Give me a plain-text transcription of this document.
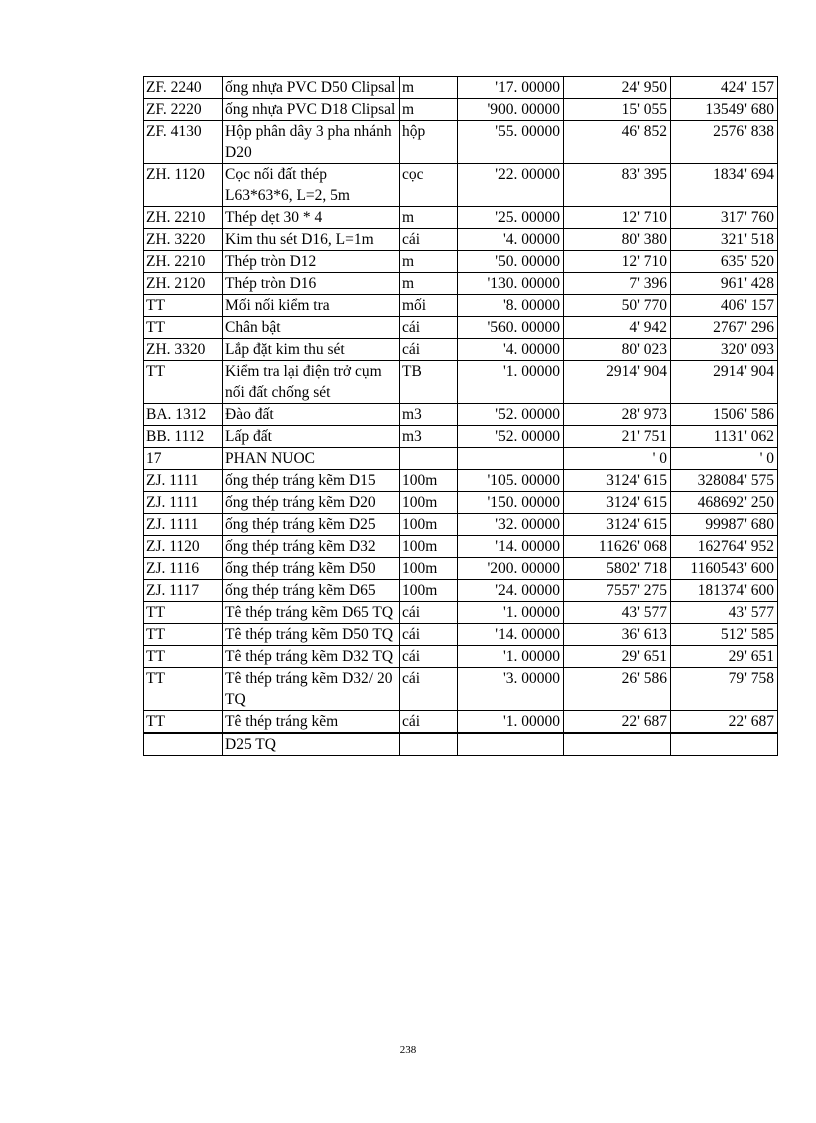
ZF. 2240	ống nhựa PVC D50 Clipsal	m	'17. 00000	24' 950	424' 157
ZF. 2220	ống nhựa PVC D18 Clipsal	m	'900. 00000	15' 055	13549' 680
ZF. 4130	Hộp phân dây 3 pha nhánh D20	hộp	'55. 00000	46' 852	2576' 838
ZH. 1120	Cọc nối đất thép L63*63*6, L=2, 5m	cọc	'22. 00000	83' 395	1834' 694
ZH. 2210	Thép dẹt 30 * 4	m	'25. 00000	12' 710	317' 760
ZH. 3220	Kim thu sét D16, L=1m	cái	'4. 00000	80' 380	321' 518
ZH. 2210	Thép tròn D12	m	'50. 00000	12' 710	635' 520
ZH. 2120	Thép tròn D16	m	'130. 00000	7' 396	961' 428
TT	Mối nối kiểm tra	mối	'8. 00000	50' 770	406' 157
TT	Chân bật	cái	'560. 00000	4' 942	2767' 296
ZH. 3320	Lắp đặt kim thu sét	cái	'4. 00000	80' 023	320' 093
TT	Kiểm tra lại điện trở cụm nối đất chống sét	TB	'1. 00000	2914' 904	2914' 904
BA. 1312	Đào đất	m3	'52. 00000	28' 973	1506' 586
BB. 1112	Lấp đất	m3	'52. 00000	21' 751	1131' 062
17	PHAN NUOC			' 0	' 0
ZJ. 1111	ống thép tráng kẽm D15	100m	'105. 00000	3124' 615	328084' 575
ZJ. 1111	ống thép tráng kẽm D20	100m	'150. 00000	3124' 615	468692' 250
ZJ. 1111	ống thép tráng kẽm D25	100m	'32. 00000	3124' 615	99987' 680
ZJ. 1120	ống thép tráng kẽm D32	100m	'14. 00000	11626' 068	162764' 952
ZJ. 1116	ống thép tráng kẽm D50	100m	'200. 00000	5802' 718	1160543' 600
ZJ. 1117	ống thép tráng kẽm D65	100m	'24. 00000	7557' 275	181374' 600
TT	Tê thép tráng kẽm D65 TQ	cái	'1. 00000	43' 577	43' 577
TT	Tê thép tráng kẽm D50 TQ	cái	'14. 00000	36' 613	512' 585
TT	Tê thép tráng kẽm D32 TQ	cái	'1. 00000	29' 651	29' 651
TT	Tê thép tráng kẽm D32/ 20 TQ	cái	'3. 00000	26' 586	79' 758
TT	Tê thép tráng kẽm	cái	'1. 00000	22' 687	22' 687
	D25 TQ				
238
